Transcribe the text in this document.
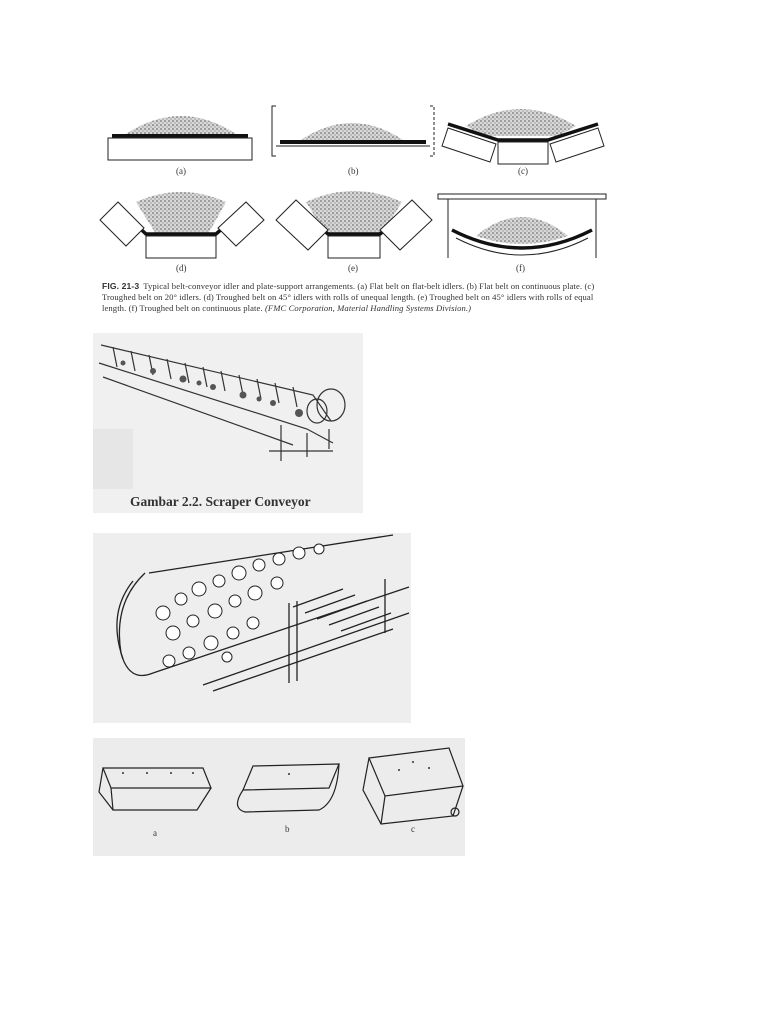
(a)	(b)	(c)
(d)	(e)	(f)
FIG. 21-3 Typical belt-conveyor idler and plate-support arrangements. (a) Flat belt on flat-belt idlers. (b) Flat belt on continuous plate. (c) Troughed belt on 20° idlers. (d) Troughed belt on 45° idlers with rolls of unequal length. (e) Troughed belt on 45° idlers with rolls of equal length. (f) Troughed belt on continuous plate. (FMC Corporation, Material Handling Systems Division.)
Gambar 2.2. Scraper Conveyor
a	b	c
